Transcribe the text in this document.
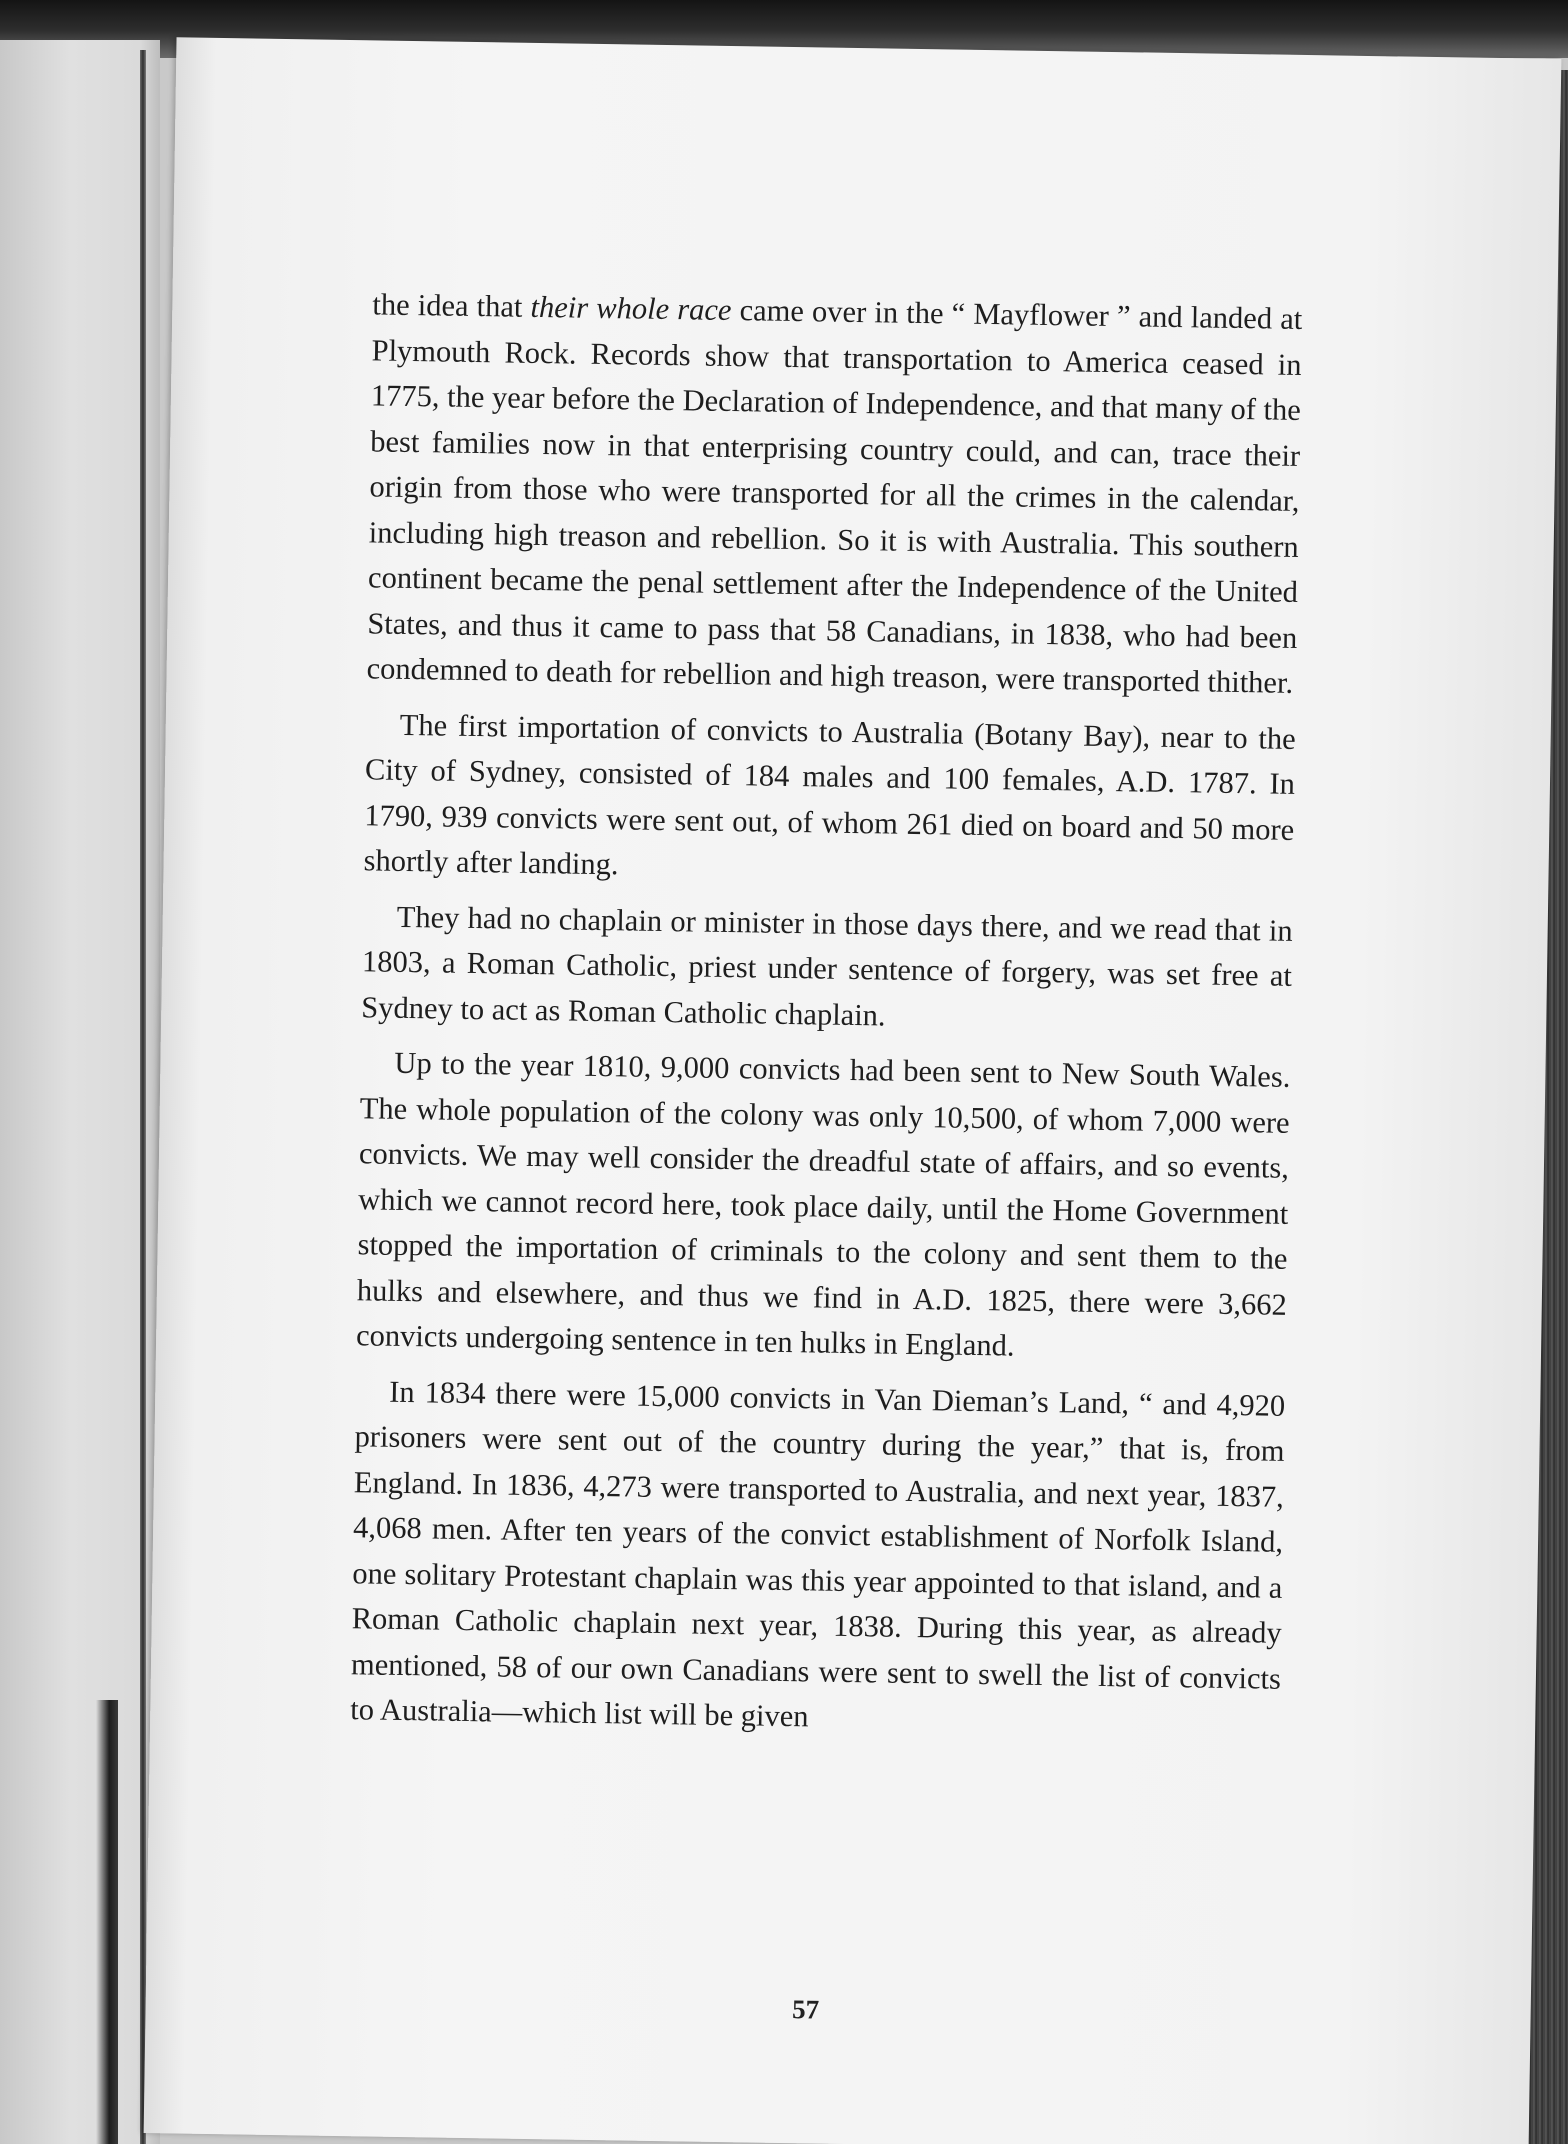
the idea that their whole race came over in the “ Mayflower ” and landed at Plymouth Rock. Records show that transportation to America ceased in 1775, the year before the Declaration of Independence, and that many of the best families now in that enterprising country could, and can, trace their origin from those who were transported for all the crimes in the calendar, including high treason and rebellion. So it is with Australia. This southern continent became the penal settlement after the Independence of the United States, and thus it came to pass that 58 Canadians, in 1838, who had been condemned to death for rebellion and high treason, were transported thither.

The first importation of convicts to Australia (Botany Bay), near to the City of Sydney, consisted of 184 males and 100 females, A.D. 1787. In 1790, 939 convicts were sent out, of whom 261 died on board and 50 more shortly after landing.

They had no chaplain or minister in those days there, and we read that in 1803, a Roman Catholic, priest under sentence of forgery, was set free at Sydney to act as Roman Catholic chaplain.

Up to the year 1810, 9,000 convicts had been sent to New South Wales. The whole population of the colony was only 10,500, of whom 7,000 were convicts. We may well consider the dreadful state of affairs, and so events, which we cannot record here, took place daily, until the Home Government stopped the importation of criminals to the colony and sent them to the hulks and elsewhere, and thus we find in A.D. 1825, there were 3,662 convicts undergoing sentence in ten hulks in England.

In 1834 there were 15,000 convicts in Van Dieman’s Land, “ and 4,920 prisoners were sent out of the country during the year,” that is, from England. In 1836, 4,273 were transported to Australia, and next year, 1837, 4,068 men. After ten years of the convict establishment of Norfolk Island, one solitary Protestant chaplain was this year appointed to that island, and a Roman Catholic chaplain next year, 1838. During this year, as already mentioned, 58 of our own Canadians were sent to swell the list of convicts to Australia—which list will be given

57
